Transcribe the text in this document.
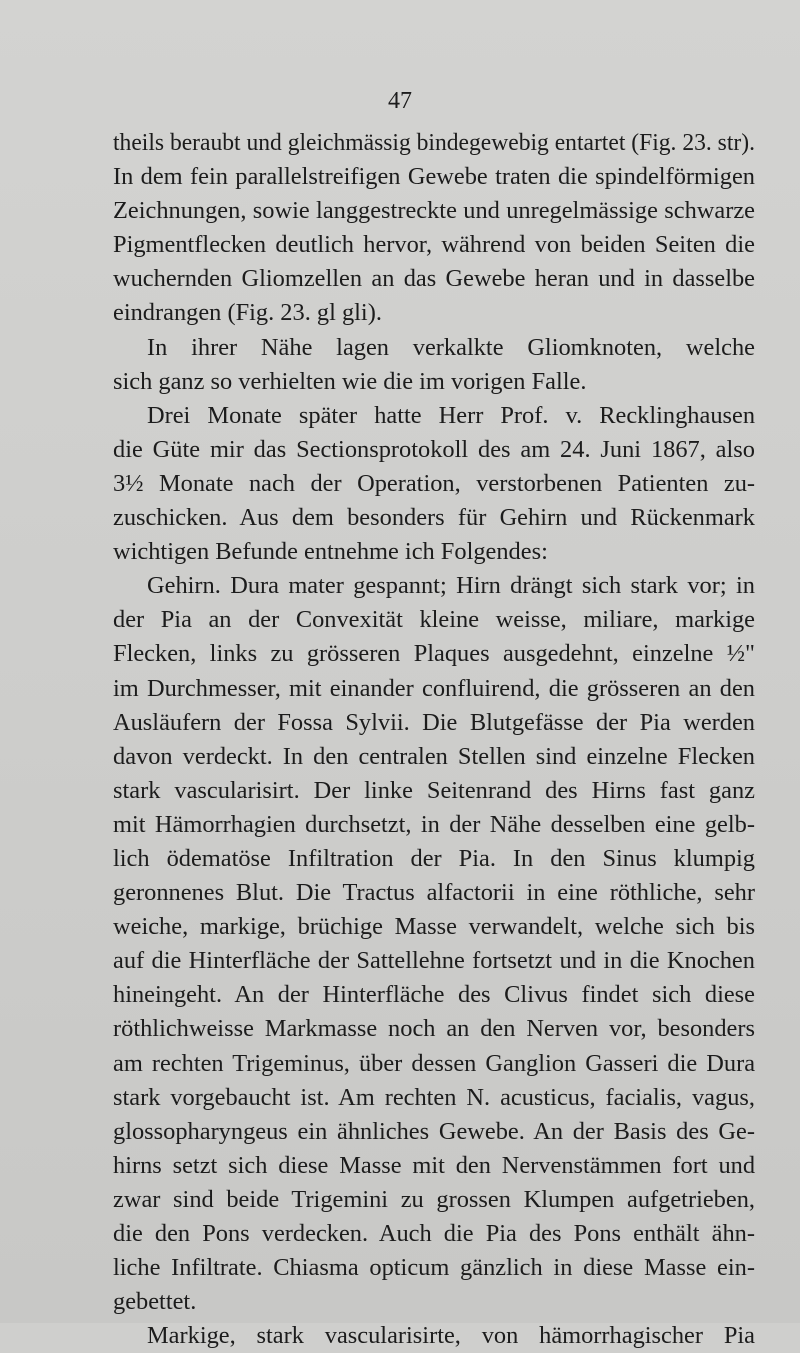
47
theils beraubt und gleichmässig bindegewebig entartet (Fig. 23. str).
In dem fein parallelstreifigen Gewebe traten die spindelförmigen
Zeichnungen, sowie langgestreckte und unregelmässige schwarze
Pigmentflecken deutlich hervor, während von beiden Seiten die
wuchernden Gliomzellen an das Gewebe heran und in dasselbe
eindrangen (Fig. 23. gl gli).
In ihrer Nähe lagen verkalkte Gliomknoten, welche
sich ganz so verhielten wie die im vorigen Falle.
Drei Monate später hatte Herr Prof. v. Recklinghausen
die Güte mir das Sectionsprotokoll des am 24. Juni 1867, also
3½ Monate nach der Operation, verstorbenen Patienten zu-
zuschicken. Aus dem besonders für Gehirn und Rückenmark
wichtigen Befunde entnehme ich Folgendes:
Gehirn. Dura mater gespannt; Hirn drängt sich stark vor; in
der Pia an der Convexität kleine weisse, miliare, markige
Flecken, links zu grösseren Plaques ausgedehnt, einzelne ½"
im Durchmesser, mit einander confluirend, die grösseren an den
Ausläufern der Fossa Sylvii. Die Blutgefässe der Pia werden
davon verdeckt. In den centralen Stellen sind einzelne Flecken
stark vascularisirt. Der linke Seitenrand des Hirns fast ganz
mit Hämorrhagien durchsetzt, in der Nähe desselben eine gelb-
lich ödematöse Infiltration der Pia. In den Sinus klumpig
geronnenes Blut. Die Tractus alfactorii in eine röthliche, sehr
weiche, markige, brüchige Masse verwandelt, welche sich bis
auf die Hinterfläche der Sattellehne fortsetzt und in die Knochen
hineingeht. An der Hinterfläche des Clivus findet sich diese
röthlichweisse Markmasse noch an den Nerven vor, besonders
am rechten Trigeminus, über dessen Ganglion Gasseri die Dura
stark vorgebaucht ist. Am rechten N. acusticus, facialis, vagus,
glossopharyngeus ein ähnliches Gewebe. An der Basis des Ge-
hirns setzt sich diese Masse mit den Nervenstämmen fort und
zwar sind beide Trigemini zu grossen Klumpen aufgetrieben,
die den Pons verdecken. Auch die Pia des Pons enthält ähn-
liche Infiltrate. Chiasma opticum gänzlich in diese Masse ein-
gebettet.
Markige, stark vascularisirte, von hämorrhagischer Pia
